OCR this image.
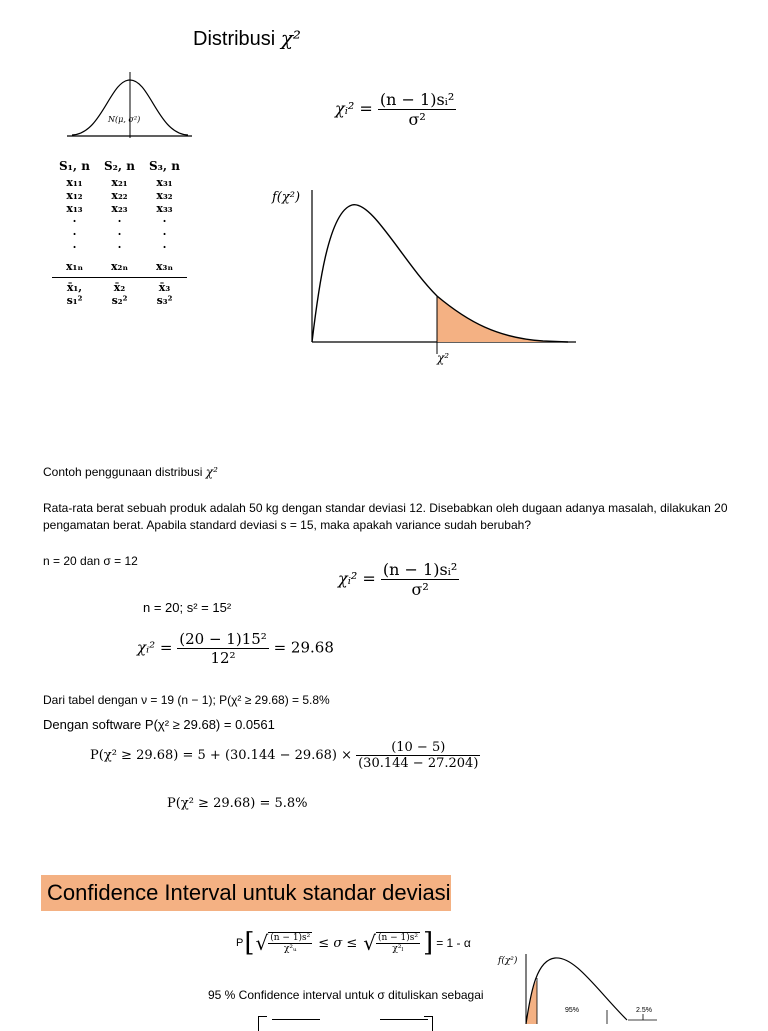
Distribusi χ²
N(μ, σ²)
S₁, n	S₂, n	S₃, n
x₁₁	x₂₁	x₃₁
x₁₂	x₂₂	x₃₂
x₁₃	x₂₃	x₃₃
·	·	·
·	·	·
·	·	·
x₁ₙ	x₂ₙ	x₃ₙ
x̄₁,	x̄₂	x̄₃
s₁²	s₂²	s₃²
χᵢ² = $\frac{\text{(n − 1)sᵢ²}}{\text{σ²}}$
f(χ²)
χ²
Contoh penggunaan distribusi χ²
Rata-rata berat sebuah produk adalah 50 kg dengan standar deviasi 12. Disebabkan oleh dugaan adanya masalah, dilakukan 20
pengamatan berat. Apabila standard deviasi s = 15, maka apakah variance sudah berubah?
n = 20 dan σ = 12
χᵢ² = $\frac{\text{(n − 1)sᵢ²}}{\text{σ²}}$
n = 20; s² = 15²
χᵢ² = $\frac{\text{(20 − 1)15²}}{\text{12²}} = 29.68$
Dari tabel dengan ν = 19 (n − 1); P(χ² ≥ 29.68) = 5.8%
Dengan software P(χ² ≥ 29.68) = 0.0561
$P(\chi^2 \ge 29.68) = 5 + (30.144 - 29.68) \times \frac{(10 - 5)}{(30.144 - 27.204)}$
P(χ² ≥ 29.68) = 5.8%
Confidence Interval untuk standar deviasi
P [ √ $\frac{\text{(n − 1)s²}}{\text{χ²ᵤ}} \le \sigma$ ≤ √ $\frac{\text{(n − 1)s²}}{\text{χ²ₗ}}$ ] = 1 - α
95 % Confidence interval untuk σ dituliskan sebagai
f(χ²)
95%	2.5%
